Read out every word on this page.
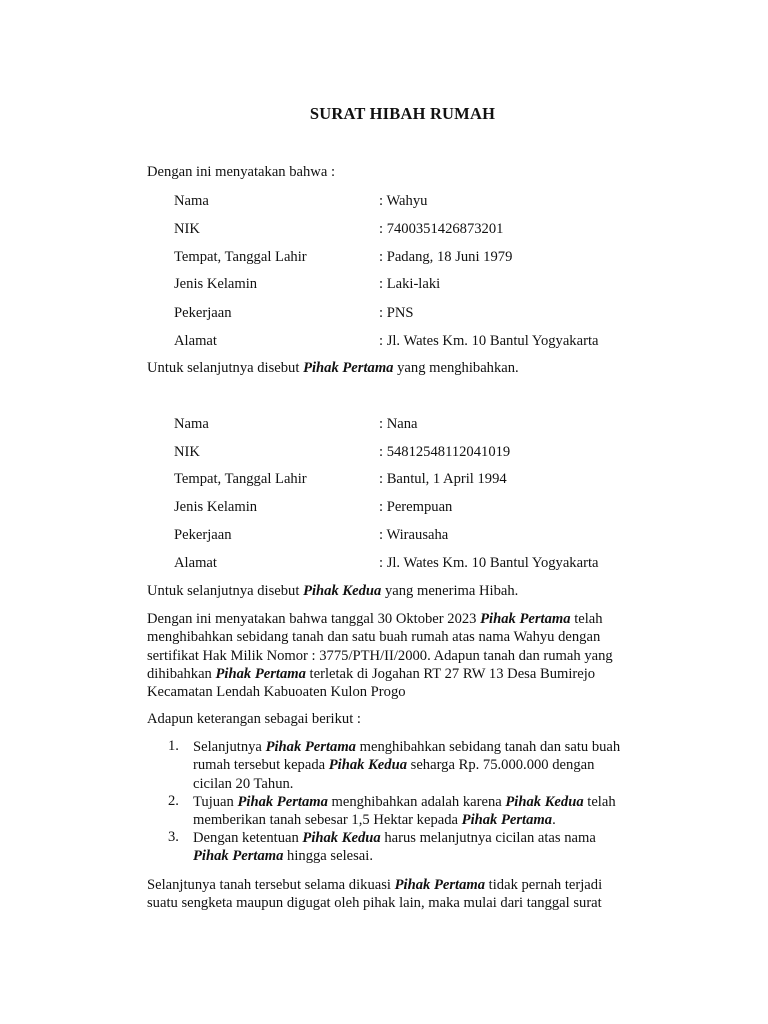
SURAT HIBAH RUMAH
Dengan ini menyatakan bahwa :
Nama	: Wahyu
NIK	: 7400351426873201
Tempat, Tanggal Lahir	: Padang, 18 Juni 1979
Jenis Kelamin	: Laki-laki
Pekerjaan	: PNS
Alamat	: Jl. Wates Km. 10 Bantul Yogyakarta
Untuk selanjutnya disebut Pihak Pertama yang menghibahkan.
Nama	: Nana
NIK	: 54812548112041019
Tempat, Tanggal Lahir	: Bantul, 1 April 1994
Jenis Kelamin	: Perempuan
Pekerjaan	: Wirausaha
Alamat	: Jl. Wates Km. 10 Bantul Yogyakarta
Untuk selanjutnya disebut Pihak Kedua yang menerima Hibah.
Dengan ini menyatakan bahwa tanggal 30 Oktober 2023 Pihak Pertama telah
menghibahkan sebidang tanah dan satu buah rumah atas nama Wahyu dengan
sertifikat Hak Milik Nomor : 3775/PTH/II/2000. Adapun tanah dan rumah yang
dihibahkan Pihak Pertama terletak di Jogahan RT 27 RW 13 Desa Bumirejo
Kecamatan Lendah Kabuoaten Kulon Progo
Adapun keterangan sebagai berikut :
1. Selanjutnya Pihak Pertama menghibahkan sebidang tanah dan satu buah
rumah tersebut kepada Pihak Kedua seharga Rp. 75.000.000 dengan
cicilan 20 Tahun.
2. Tujuan Pihak Pertama menghibahkan adalah karena Pihak Kedua telah
memberikan tanah sebesar 1,5 Hektar kepada Pihak Pertama.
3. Dengan ketentuan Pihak Kedua harus melanjutnya cicilan atas nama
Pihak Pertama hingga selesai.
Selanjtunya tanah tersebut selama dikuasi Pihak Pertama tidak pernah terjadi
suatu sengketa maupun digugat oleh pihak lain, maka mulai dari tanggal surat
